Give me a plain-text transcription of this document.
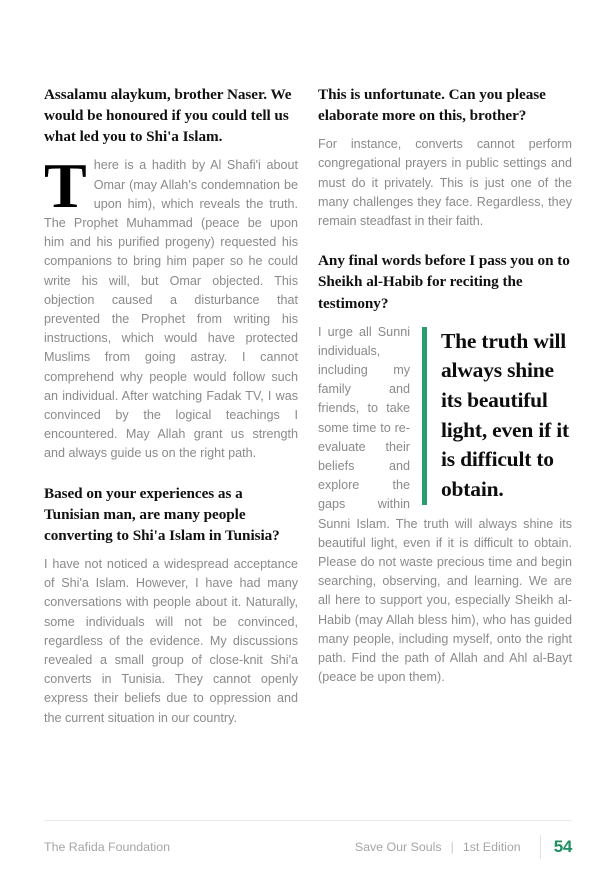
Assalamu alaykum, brother Naser. We would be honoured if you could tell us what led you to Shi'a Islam.

There is a hadith by Al Shafi'i about Omar (may Allah's condemnation be upon him), which reveals the truth. The Prophet Muhammad (peace be upon him and his purified progeny) requested his companions to bring him paper so he could write his will, but Omar objected. This objection caused a disturbance that prevented the Prophet from writing his instructions, which would have protected Muslims from going astray. I cannot comprehend why people would follow such an individual. After watching Fadak TV, I was convinced by the logical teachings I encountered. May Allah grant us strength and always guide us on the right path.

Based on your experiences as a Tunisian man, are many people converting to Shi'a Islam in Tunisia?

I have not noticed a widespread acceptance of Shi'a Islam. However, I have had many conversations with people about it. Naturally, some individuals will not be convinced, regardless of the evidence. My discussions revealed a small group of close-knit Shi'a converts in Tunisia. They cannot openly express their beliefs due to oppression and the current situation in our country.

This is unfortunate. Can you please elaborate more on this, brother?

For instance, converts cannot perform congregational prayers in public settings and must do it privately. This is just one of the many challenges they face. Regardless, they remain steadfast in their faith.

Any final words before I pass you on to Sheikh al-Habib for reciting the testimony?
The truth will always shine its beautiful light, even if it is difficult to obtain.

I urge all Sunni individuals, including my family and friends, to take some time to re-evaluate their beliefs and explore the gaps within Sunni Islam. The truth will always shine its beautiful light, even if it is difficult to obtain. Please do not waste precious time and begin searching, observing, and learning. We are all here to support you, especially Sheikh al-Habib (may Allah bless him), who has guided many people, including myself, onto the right path. Find the path of Allah and Ahl al-Bayt (peace be upon them).

The Rafida Foundation	Save Our Souls | 1st Edition 54
